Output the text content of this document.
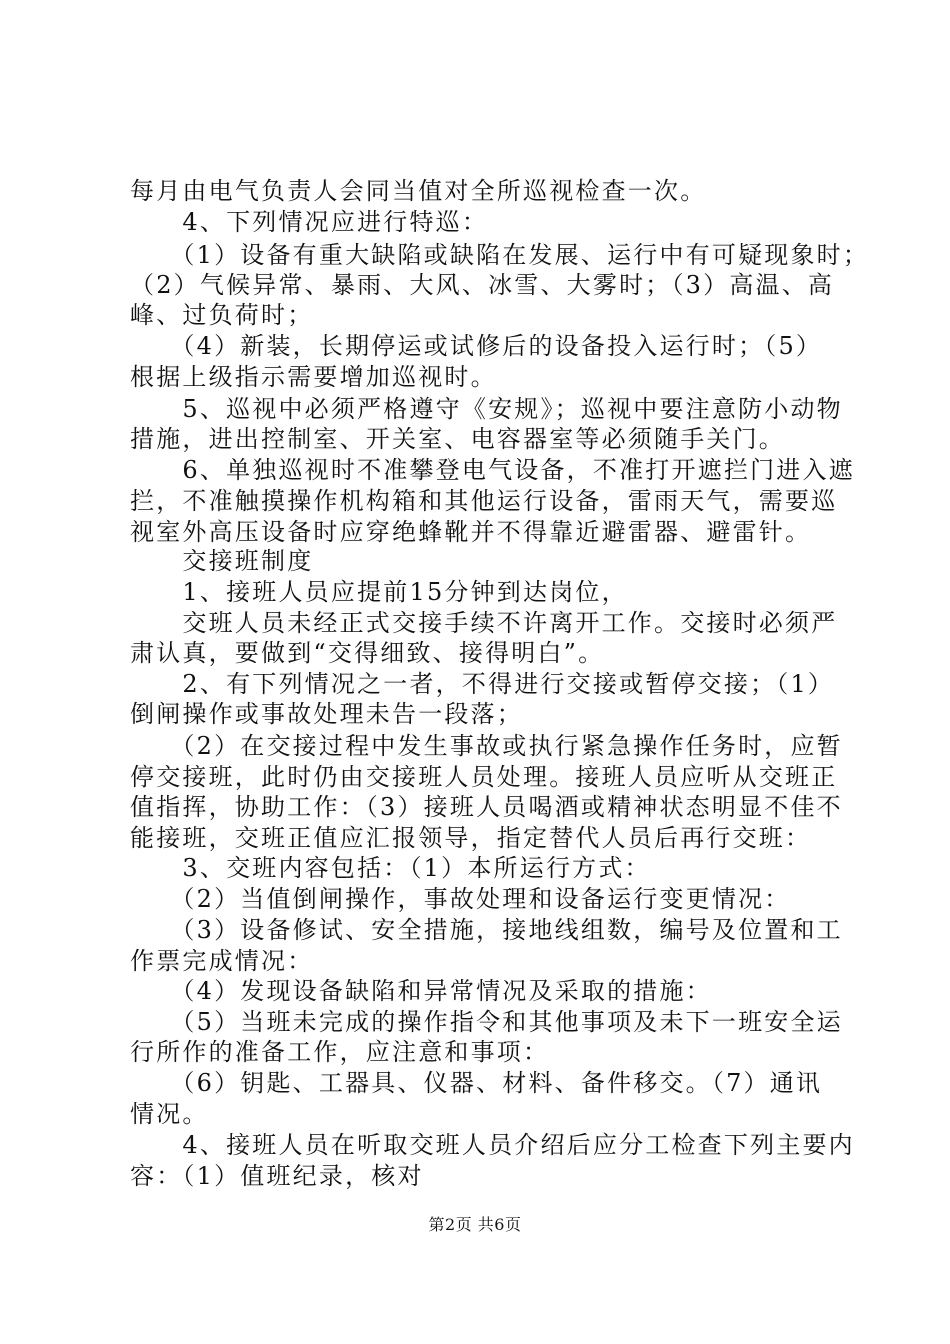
每月由电气负责人会同当值对全所巡视检查一次。
　　4、下列情况应进行特巡：
　　（1）设备有重大缺陷或缺陷在发展、运行中有可疑现象时；
（2）气候异常、暴雨、大风、冰雪、大雾时；（3）高温、高
峰、过负荷时；
　　（4）新装，长期停运或试修后的设备投入运行时；（5）
根据上级指示需要增加巡视时。
　　5、巡视中必须严格遵守《安规》；巡视中要注意防小动物
措施，进出控制室、开关室、电容器室等必须随手关门。
　　6、单独巡视时不准攀登电气设备，不准打开遮拦门进入遮
拦，不准触摸操作机构箱和其他运行设备，雷雨天气，需要巡
视室外高压设备时应穿绝蜂靴并不得靠近避雷器、避雷针。
　　交接班制度
　　1、接班人员应提前15分钟到达岗位，
　　交班人员未经正式交接手续不许离开工作。交接时必须严
肃认真，要做到“交得细致、接得明白”。
　　2、有下列情况之一者，不得进行交接或暂停交接；（1）
倒闸操作或事故处理未告一段落；
　　（2）在交接过程中发生事故或执行紧急操作任务时，应暂
停交接班，此时仍由交接班人员处理。接班人员应听从交班正
值指挥，协助工作：（3）接班人员喝酒或精神状态明显不佳不
能接班，交班正值应汇报领导，指定替代人员后再行交班：
　　3、交班内容包括：（1）本所运行方式：
　　（2）当值倒闸操作，事故处理和设备运行变更情况：
　　（3）设备修试、安全措施，接地线组数，编号及位置和工
作票完成情况：
　　（4）发现设备缺陷和异常情况及采取的措施：
　　（5）当班未完成的操作指令和其他事项及未下一班安全运
行所作的准备工作，应注意和事项：
　　（6）钥匙、工器具、仪器、材料、备件移交。（7）通讯
情况。
　　4、接班人员在听取交班人员介绍后应分工检查下列主要内
容：（1）值班纪录，核对
第2页 共6页
